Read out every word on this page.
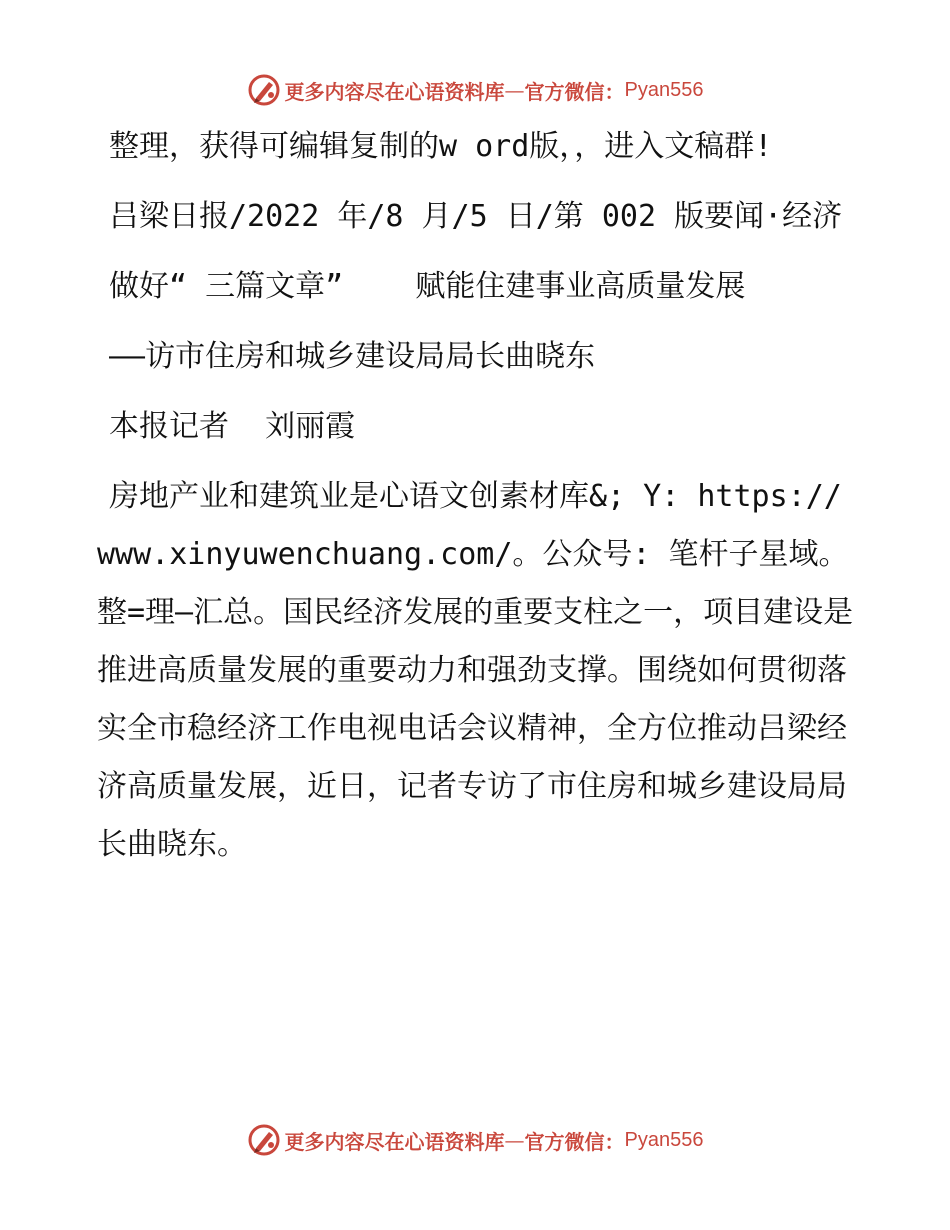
更多内容尽在心语资料库 — 官方微信： Pyan556

整理，获得可编辑复制的w ord版，，进入文稿群!

吕梁日报/2022 年/8 月/5 日/第 002 版要闻·经济

做好“ 三篇文章”    赋能住建事业高质量发展

——访市住房和城乡建设局局长曲晓东

本报记者  刘丽霞

房地产业和建筑业是心语文创素材库&; Y: https://www.xinyuwenchuang.com/。公众号: 笔杆子星域。整=理—汇总。国民经济发展的重要支柱之一，项目建设是推进高质量发展的重要动力和强劲支撑。围绕如何贯彻落实全市稳经济工作电视电话会议精神，全方位推动吕梁经济高质量发展，近日，记者专访了市住房和城乡建设局局长曲晓东。

更多内容尽在心语资料库 — 官方微信： Pyan556
